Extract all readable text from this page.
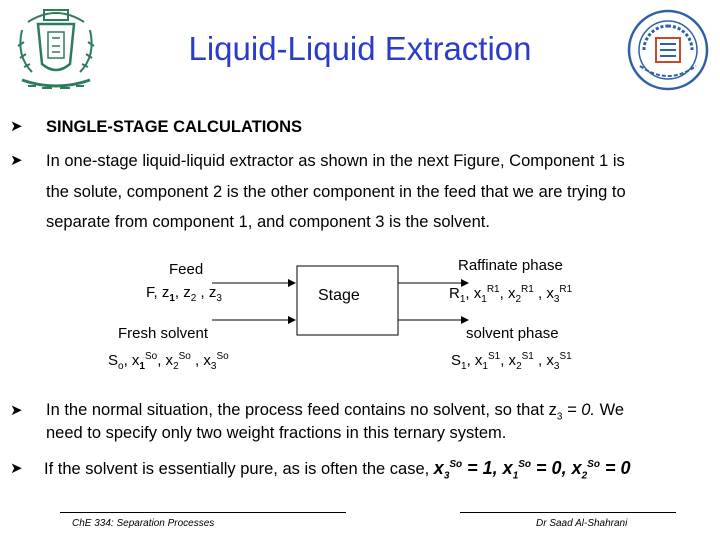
Liquid-Liquid Extraction
➤ SINGLE-STAGE CALCULATIONS
➤ In one-stage liquid-liquid extractor as shown in the next Figure, Component 1 is
the solute, component 2 is the other component in the feed that we are trying to
separate from component 1, and component 3 is the solvent.
Stage
Feed
F, $z_1$, $z_2$ , $z_3$
Fresh solvent
$S_o$, $x_1^{So}$, $x_2^{So}$ , $x_3^{So}$
Raffinate phase
$R_1$, $x_1^{R1}$, $x_2^{R1}$ , $x_3^{R1}$
solvent phase
$S_1$, $x_1^{S1}$, $x_2^{S1}$ , $x_3^{S1}$
➤ In the normal situation, the process feed contains no solvent, so that $z_3 = 0$. We
need to specify only two weight fractions in this ternary system.
➤ If the solvent is essentially pure, as is often the case, $x_3^{So} = 1$, $x_1^{So} = 0$, $x_2^{So} = 0$
ChE 334: Separation Processes	Dr Saad Al-Shahrani
